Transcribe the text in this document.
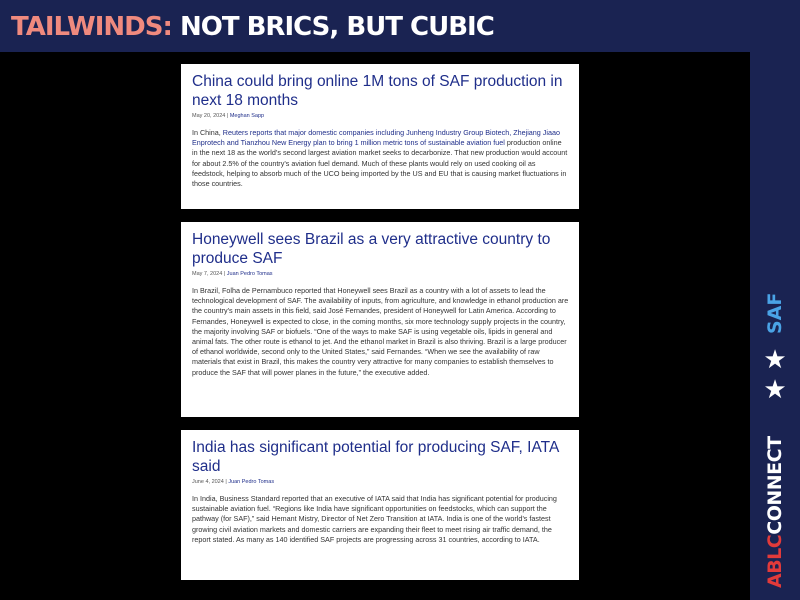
TAILWINDS: NOT BRICS, BUT CUBIC
SAF
★
★
ABLCCONNECT
China could bring online 1M tons of SAF production in next 18 months
May 20, 2024 | Meghan Sapp
In China, Reuters reports that major domestic companies including Junheng Industry Group Biotech, Zhejiang Jiaao Enprotech and Tianzhou New Energy plan to bring 1 million metric tons of sustainable aviation fuel production online in the next 18 as the world’s second largest aviation market seeks to decarbonize. That new production would account for about 2.5% of the country’s aviation fuel demand. Much of these plants would rely on used cooking oil as feedstock, helping to absorb much of the UCO being imported by the US and EU that is causing market fluctuations in those countries.
Honeywell sees Brazil as a very attractive country to produce SAF
May 7, 2024 | Juan Pedro Tomas
In Brazil, Folha de Pernambuco reported that Honeywell sees Brazil as a country with a lot of assets to lead the technological development of SAF. The availability of inputs, from agriculture, and knowledge in ethanol production are the country’s main assets in this field, said José Fernandes, president of Honeywell for Latin America. According to Fernandes, Honeywell is expected to close, in the coming months, six more technology supply projects in the country, the majority involving SAF or biofuels. “One of the ways to make SAF is using vegetable oils, lipids in general and animal fats. The other route is ethanol to jet. And the ethanol market in Brazil is also thriving. Brazil is a large producer of ethanol worldwide, second only to the United States,” said Fernandes. “When we see the availability of raw materials that exist in Brazil, this makes the country very attractive for many companies to establish themselves to produce the SAF that will power planes in the future,” the executive added.
India has significant potential for producing SAF, IATA said
June 4, 2024 | Juan Pedro Tomas
In India, Business Standard reported that an executive of IATA said that India has significant potential for producing sustainable aviation fuel. “Regions like India have significant opportunities on feedstocks, which can support the pathway (for SAF),” said Hemant Mistry, Director of Net Zero Transition at IATA. India is one of the world’s fastest growing civil aviation markets and domestic carriers are expanding their fleet to meet rising air traffic demand, the report stated. As many as 140 identified SAF projects are progressing across 31 countries, according to IATA.
